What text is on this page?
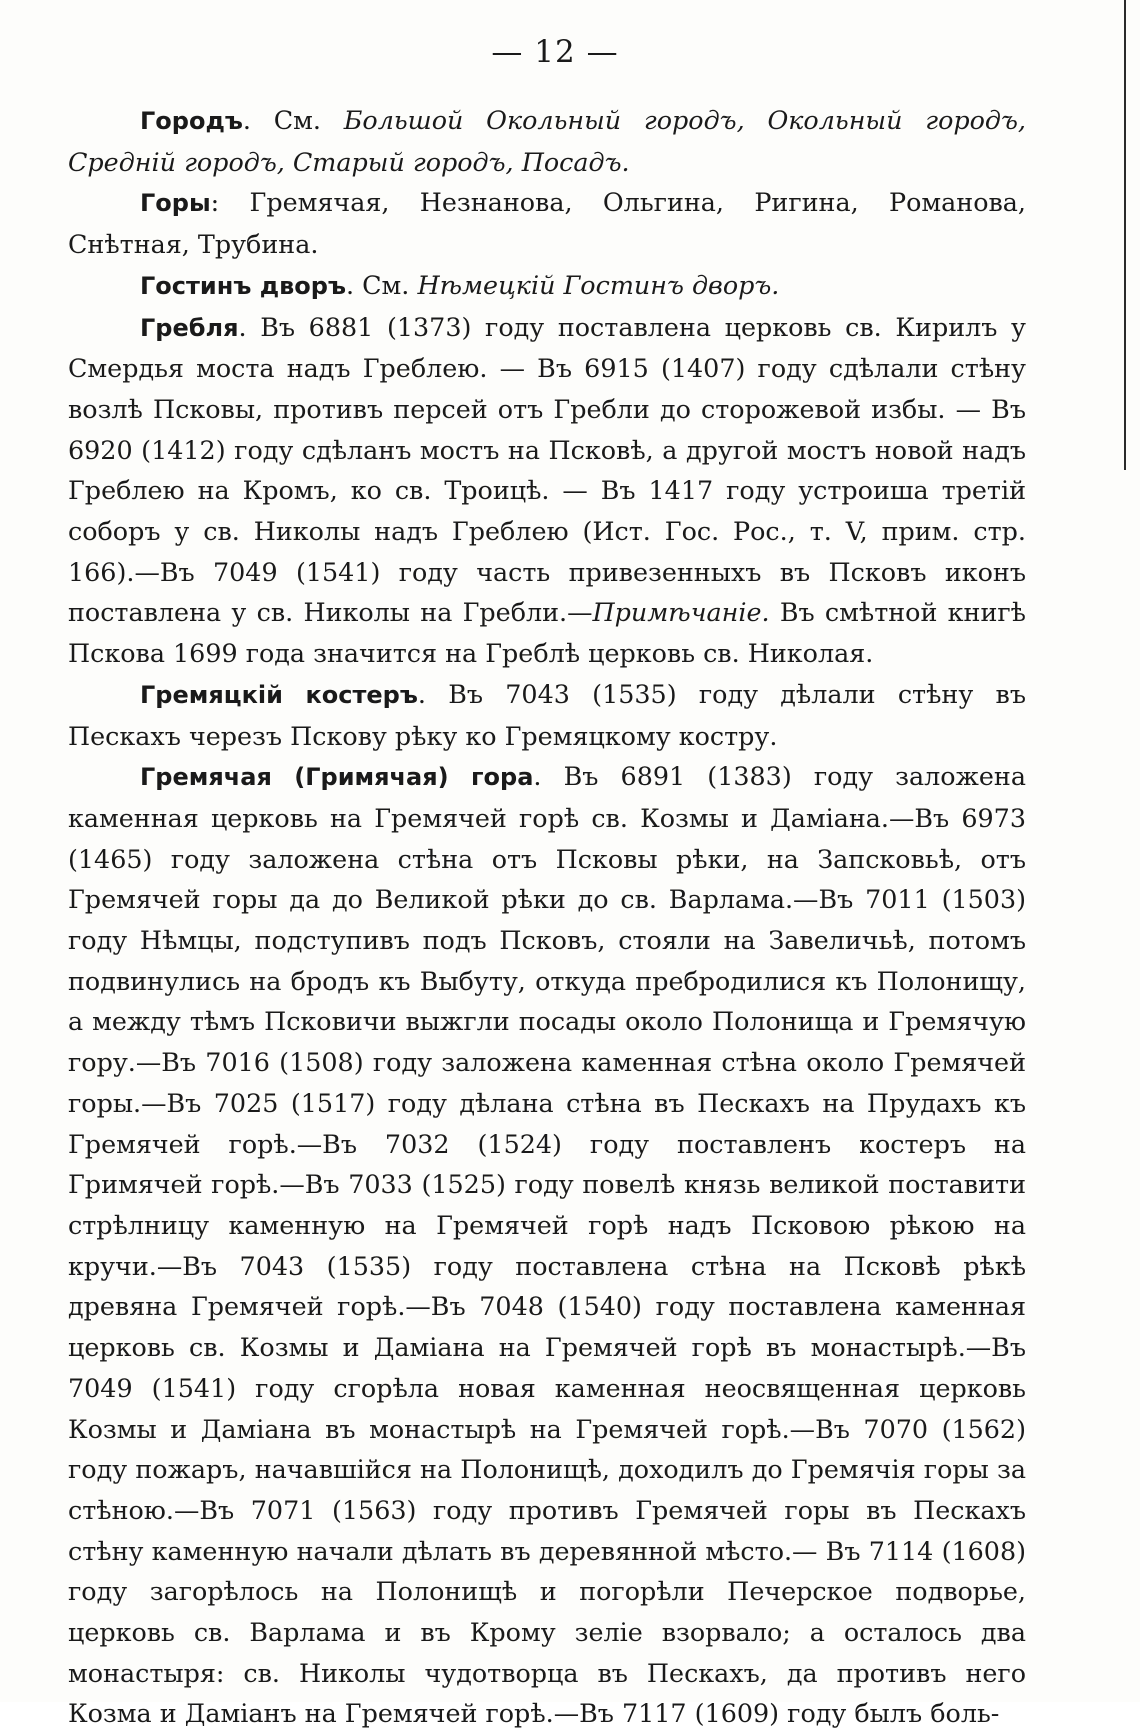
— 12 —

Городъ. См. Большой Окольный городъ, Окольный городъ, Среднiй городъ, Старый городъ, Посадъ.

Горы: Гремячая, Незнанова, Ольгина, Ригина, Романова, Снѣтная, Трубина.

Гостинъ дворъ. См. Нѣмецкiй Гостинъ дворъ.

Гребля. Въ 6881 (1373) году поставлена церковь св. Кирилъ у Смердья моста надъ Греблею. — Въ 6915 (1407) году сдѣлали стѣну возлѣ Псковы, противъ персей отъ Гребли до сторожевой избы. — Въ 6920 (1412) году сдѣланъ мостъ на Псковѣ, а другой мостъ новой надъ Греблею на Кромъ, ко св. Троицѣ. — Въ 1417 году устроиша третiй соборъ у св. Николы надъ Греблею (Ист. Гос. Рос., т. V, прим. стр. 166).—Въ 7049 (1541) году часть привезенныхъ въ Псковъ иконъ поставлена у св. Николы на Гребли.—Примѣчанiе. Въ смѣтной книгѣ Пскова 1699 года значится на Греблѣ церковь св. Николая.

Гремяцкiй костеръ. Въ 7043 (1535) году дѣлали стѣну въ Пескахъ черезъ Пскову рѣку ко Гремяцкому костру.

Гремячая (Гримячая) гора. Въ 6891 (1383) году заложена каменная церковь на Гремячей горѣ св. Козмы и Дамiана.—Въ 6973 (1465) году заложена стѣна отъ Псковы рѣки, на Запсковьѣ, отъ Гремячей горы да до Великой рѣки до св. Варлама.—Въ 7011 (1503) году Нѣмцы, подступивъ подъ Псковъ, стояли на Завеличьѣ, потомъ подвинулись на бродъ къ Выбуту, откуда пребродилися къ Полонищу, а между тѣмъ Псковичи выжгли посады около Полонища и Гремячую гору.—Въ 7016 (1508) году заложена каменная стѣна около Гремячей горы.—Въ 7025 (1517) году дѣлана стѣна въ Пескахъ на Прудахъ къ Гремячей горѣ.—Въ 7032 (1524) году поставленъ костеръ на Гримячей горѣ.—Въ 7033 (1525) году повелѣ князь великой поставити стрѣлницу каменную на Гремячей горѣ надъ Псковою рѣкою на кручи.—Въ 7043 (1535) году поставлена стѣна на Псковѣ рѣкѣ древяна Гремячей горѣ.—Въ 7048 (1540) году поставлена каменная церковь св. Козмы и Дамiана на Гремячей горѣ въ монастырѣ.—Въ 7049 (1541) году сгорѣла новая каменная неосвященная церковь Козмы и Дамiана въ монастырѣ на Гремячей горѣ.—Въ 7070 (1562) году пожаръ, начавшiйся на Полонищѣ, доходилъ до Гремячiя горы за стѣною.—Въ 7071 (1563) году противъ Гремячей горы въ Пескахъ стѣну каменную начали дѣлать въ деревянной мѣсто.— Въ 7114 (1608) году загорѣлось на Полонищѣ и погорѣли Печерское подворье, церковь св. Варлама и въ Крому зелiе взорвало; а осталось два монастыря: св. Николы чудотворца въ Пескахъ, да противъ него Козма и Дамiанъ на Гремячей горѣ.—Въ 7117 (1609) году былъ боль-
